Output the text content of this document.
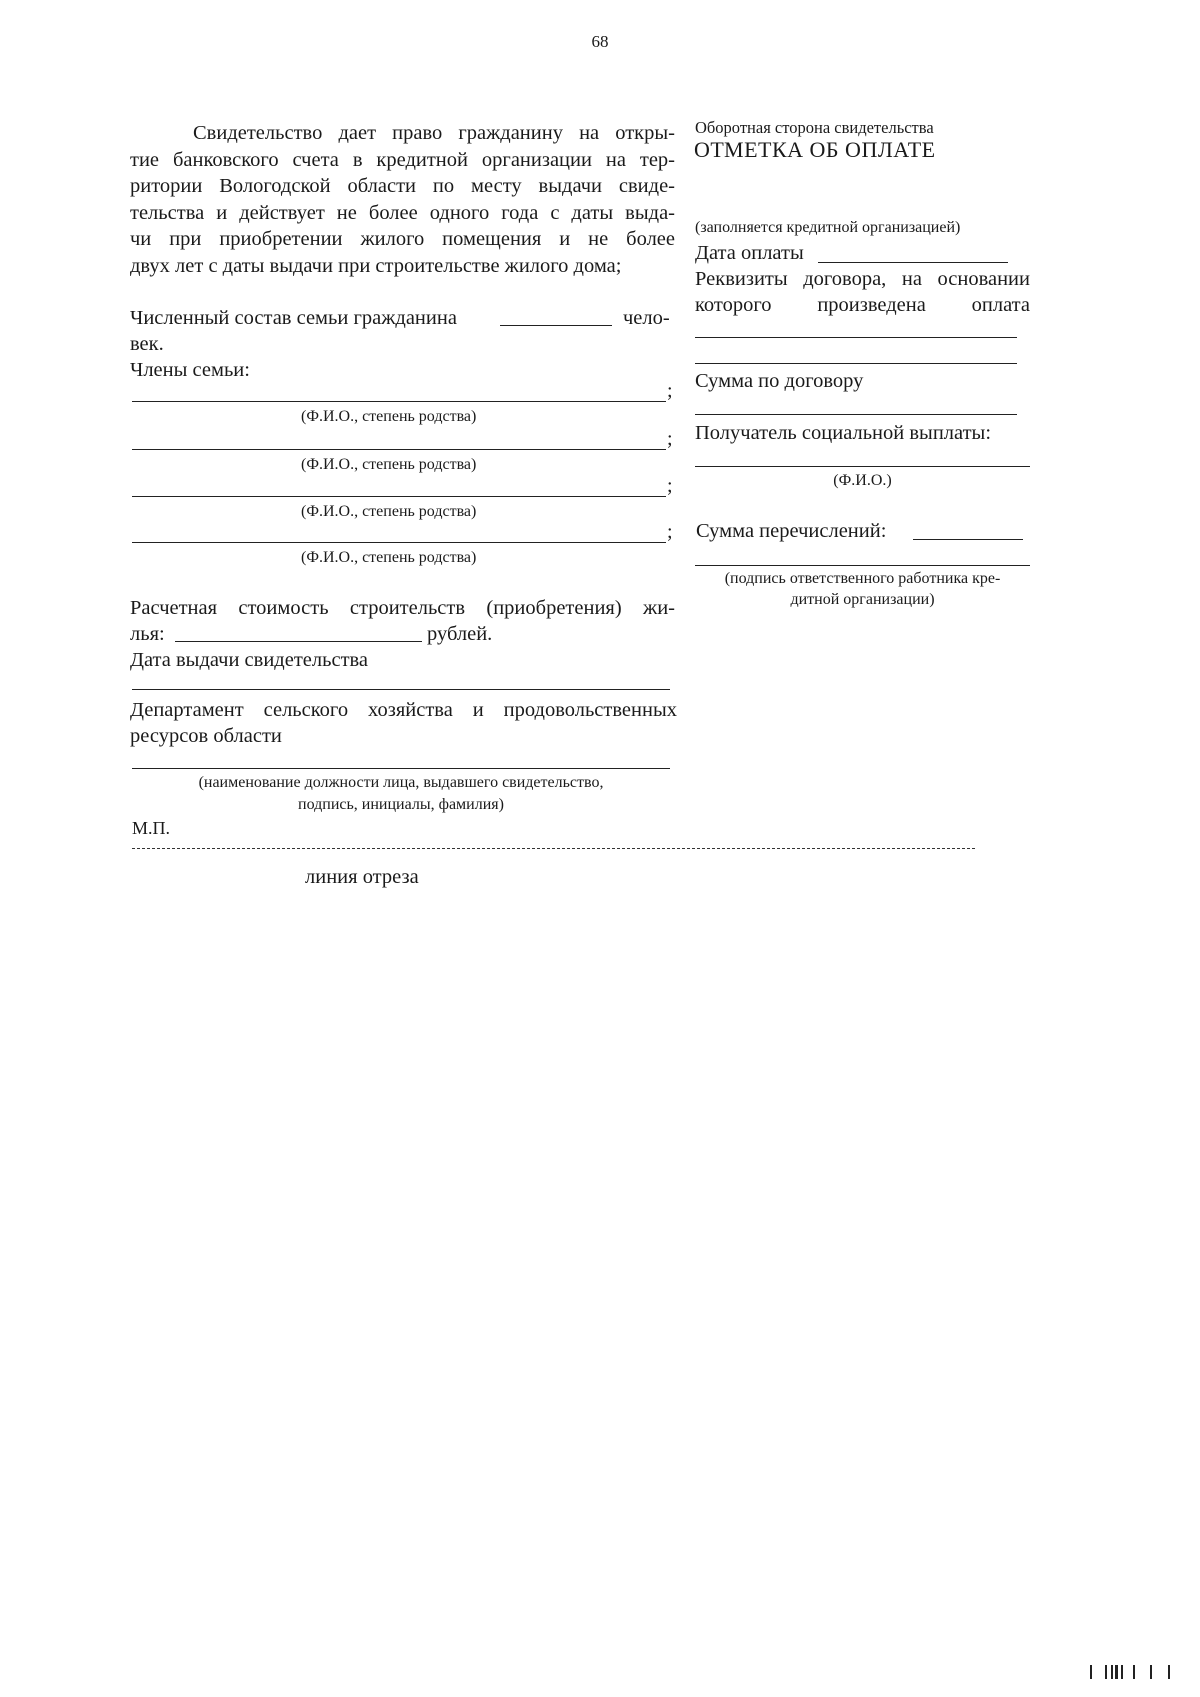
68
Свидетельство дает право гражданину на откры-
тие банковского счета в кредитной организации на тер-
ритории Вологодской области по месту выдачи свиде-
тельства и действует не более одного года с даты выда-
чи при приобретении жилого помещения и не более
двух лет с даты выдачи при строительстве жилого дома;
Численный состав семьи гражданина	чело-
век.
Члены семьи:
;
(Ф.И.О., степень родства)
;
(Ф.И.О., степень родства)
;
(Ф.И.О., степень родства)
;
(Ф.И.О., степень родства)
Расчетная стоимость строительств (приобретения) жи-
лья:	рублей.
Дата выдачи свидетельства
Департамент сельского хозяйства и продовольственных
ресурсов области
(наименование должности лица, выдавшего свидетельство,
подпись, инициалы, фамилия)
М.П.
линия отреза
Оборотная сторона свидетельства
ОТМЕТКА ОБ ОПЛАТЕ
(заполняется кредитной организацией)
Дата оплаты
Реквизиты договора, на основании
которого произведена оплата
Сумма по договору
Получатель социальной выплаты:
(Ф.И.О.)
Сумма перечислений:
(подпись ответственного работника кре-
дитной организации)
